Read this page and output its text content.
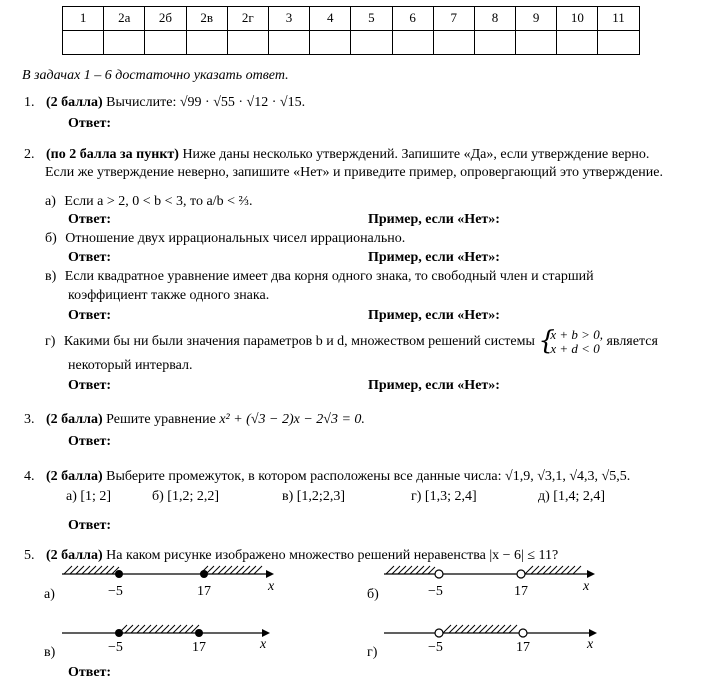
1	2а	2б	2в	2г	3	4	5	6	7	8	9	10	11

В задачах 1 – 6 достаточно указать ответ.
1. (2 балла) Вычислите: √99 · √55 · √12 · √15.
Ответ:
2. (по 2 балла за пункт) Ниже даны несколько утверждений. Запишите «Да», если утверждение верно.
Если же утверждение неверно, запишите «Нет» и приведите пример, опровергающий это утверждение.
а) Если a > 2, 0 < b < 3, то a/b < ⅔.
Ответ:	Пример, если «Нет»:
б) Отношение двух иррациональных чисел иррационально.
Ответ:	Пример, если «Нет»:
в) Если квадратное уравнение имеет два корня одного знака, то свободный член и старший
коэффициент также одного знака.
Ответ:	Пример, если «Нет»:
г) Какими бы ни были значения параметров b и d, множеством решений системы {
x + b > 0,
x + d < 0 является
некоторый интервал.
Ответ:	Пример, если «Нет»:
3. (2 балла) Решите уравнение x² + (√3 − 2)x − 2√3 = 0.
Ответ:
4. (2 балла) Выберите промежуток, в котором расположены все данные числа: √1,9, √3,1, √4,3, √5,5.
а) [1; 2]	б) [1,2; 2,2]	в) [1,2;2,3]	г) [1,3; 2,4]	д) [1,4; 2,4]
Ответ:
5. (2 балла) На каком рисунке изображено множество решений неравенства |x − 6| ≤ 11?
−5	17	x
а)	−5	17	x
б)
−5	17	x
в)	−5	17	x
г)
Ответ:
